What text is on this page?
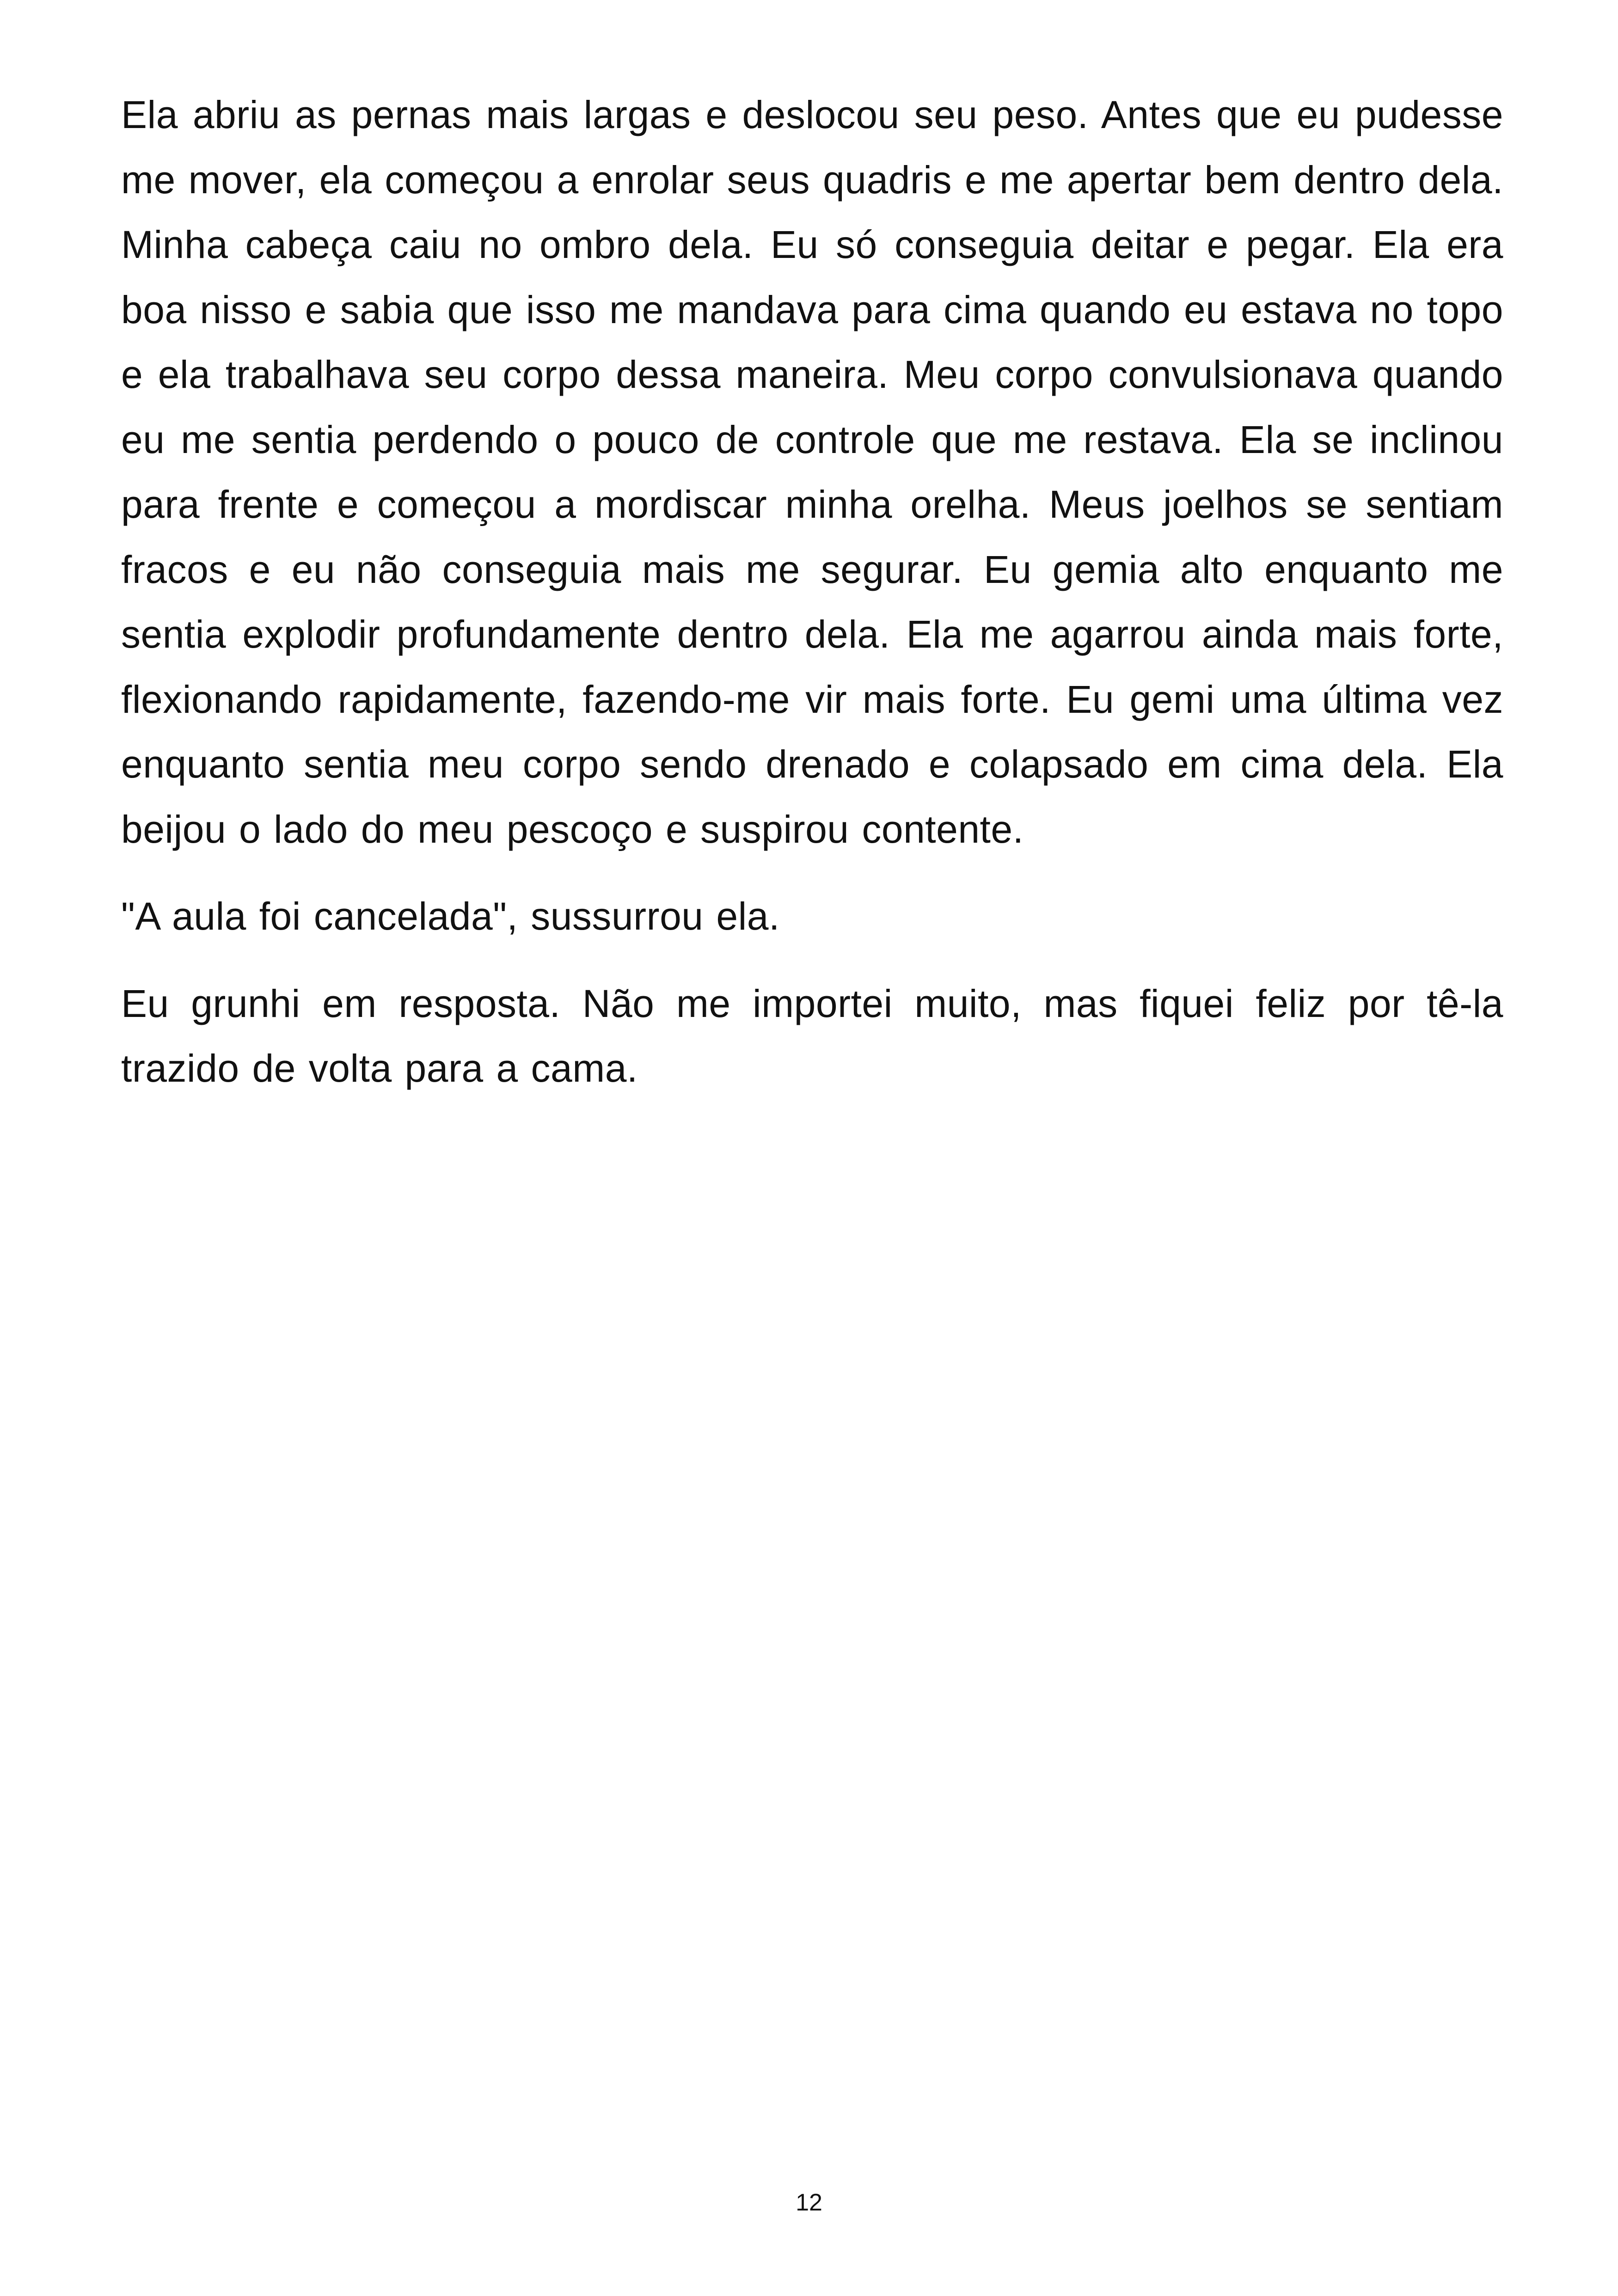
Ela abriu as pernas mais largas e deslocou seu peso. Antes que eu pudesse me mover, ela começou a enrolar seus quadris e me apertar bem dentro dela. Minha cabeça caiu no ombro dela. Eu só conseguia deitar e pegar. Ela era boa nisso e sabia que isso me mandava para cima quando eu estava no topo e ela trabalhava seu corpo dessa maneira. Meu corpo convulsionava quando eu me sentia perdendo o pouco de controle que me restava. Ela se inclinou para frente e começou a mordiscar minha orelha. Meus joelhos se sentiam fracos e eu não conseguia mais me segurar. Eu gemia alto enquanto me sentia explodir profundamente dentro dela. Ela me agarrou ainda mais forte, flexionando rapidamente, fazendo-me vir mais forte. Eu gemi uma última vez enquanto sentia meu corpo sendo drenado e colapsado em cima dela. Ela beijou o lado do meu pescoço e suspirou contente.

"A aula foi cancelada", sussurrou ela.

Eu grunhi em resposta. Não me importei muito, mas fiquei feliz por tê-la trazido de volta para a cama.

12
